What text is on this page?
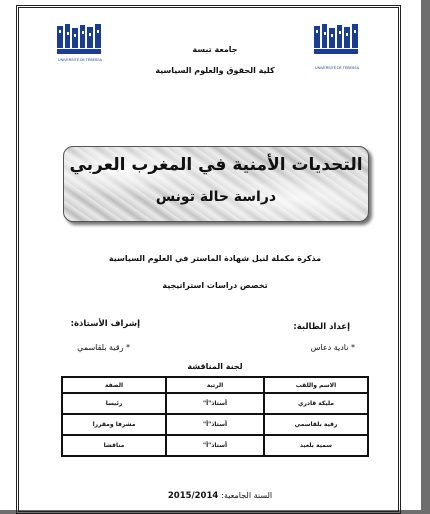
UNIVERSITÉ DE TEBESSA
UNIVERSITÉ DE TEBESSA
جامعة تبسة
كلية الحقوق والعلوم السياسية
التحديات الأمنية في المغرب العربي
دراسة حالة تونس
مذكرة مكملة لنيل شهادة الماستر في العلوم السياسية
تخصص دراسات استراتيجية
إعداد الطالبة:
إشراف الأستاذة:
* نادية دعاس
* رقية بلقاسمي
لجنة المناقشة
الاسم واللقب	الرتبة	الصفة
مليكة قادري	أستاذ"أ"	رئيسا
رقية بلقاسمي	أستاذ"أ"	مشرفا ومقررا
سمية بلعيد	أستاذ"أ"	مناقشا
السنة الجامعية: 2015/2014
